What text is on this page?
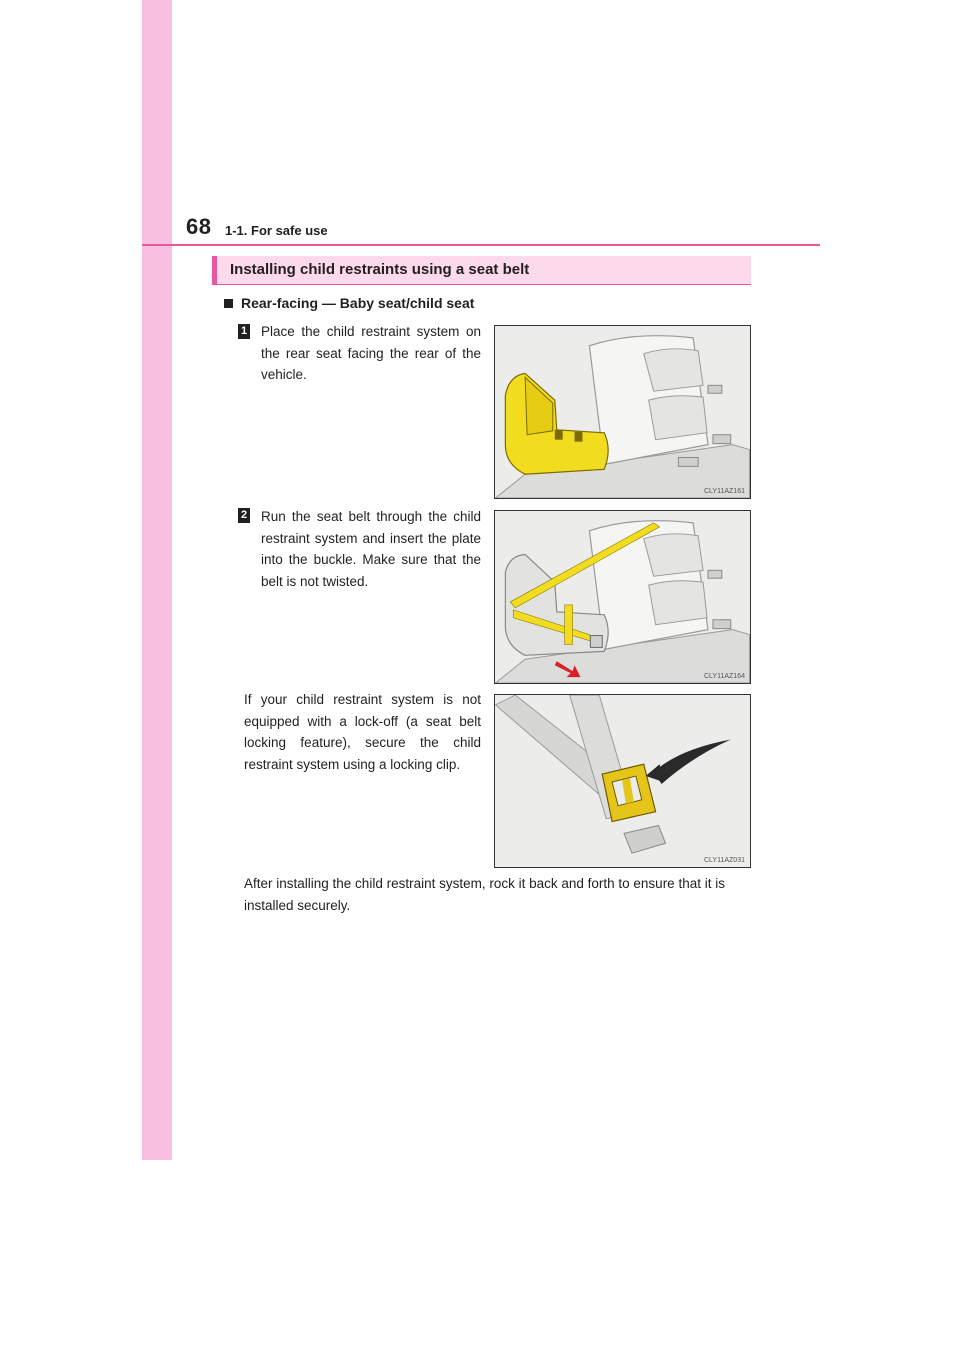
68 1-1. For safe use
Installing child restraints using a seat belt
Rear-facing — Baby seat/child seat
1 Place the child restraint system on the rear seat facing the rear of the vehicle.

CLY11AZ161
2 Run the seat belt through the child restraint system and insert the plate into the buckle. Make sure that the belt is not twisted.

CLY11AZ164

If your child restraint system is not equipped with a lock-off (a seat belt locking feature), secure the child restraint system using a locking clip.

CLY11AZ031

After installing the child restraint system, rock it back and forth to ensure that it is installed securely.
